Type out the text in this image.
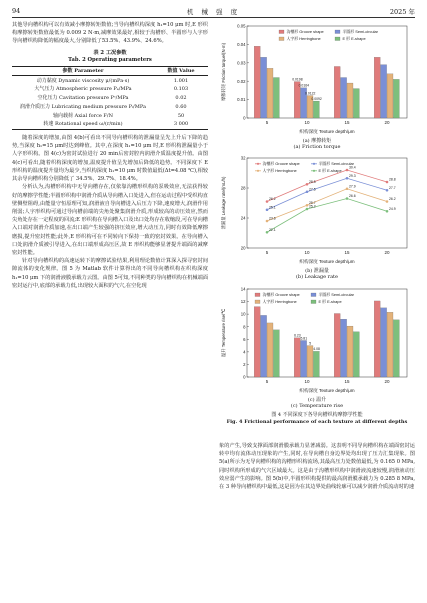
94	机 械 强 度	2025 年

其他导向槽织构可以有效减小摩擦转矩数值;当导向槽织构深度 h₁=10 μm 时,E 形织构摩擦转矩数值最低为 0.009 2 N·m,减摩效果最好,相较于沟槽形、半圆形与人字形导向槽织构降低的幅度最大,分别降低了53.5%、43.9%、24.6%。

表 2 工况参数
Tab. 2 Operating parameters
参数 Parameter	数值 Value
动力黏度 Dynamic viscosity μ/(mPa·s)	1.001
大气压力 Atmospheric pressure Pₐ/MPa	0.103
空化压力 Cavitation pressure Pᶜ/MPa	0.02
润滑介质压力 Lubricating medium pressure Pᵢ/MPa	0.60
轴向载荷 Axial force F/N	50
转速 Rotational speed ω/(r/min)	3 000

随着深度的增加,由图 4(b)可看出不同导向槽织构的泄漏量呈先上升后下降的趋势,当深度 h₁=15 μm时达到峰值。其中,在深度 h₁=10 μm 时,E 形织构泄漏量小于人字形织构。图 4(c)为密封试验进行 20 min后密封腔内润滑介质温度提升值。由图 4(c)可看出,随着织构深度的增加,温度提升值呈先增加后降低的趋势。不同深度下 E 形织构的温度提升量均为最少,当织构深度 h₁=10 μm 时数值最低(Δt=4.08 ℃),相较其余导向槽织构分别降低了 34.5%、29.7%、18.4%。

分析认为,沟槽形织构中无导向槽存在,仅依靠沟槽形织构的泵吸效应,无法获得较好的摩擦学性能;半圆形织构中润滑介质从导向槽入口处进入,但在运动过程中受织构直壁侧壁阻碍,由能量守恒原理可知,润滑液自导向槽进入后压力下降,速度增大,润滑作用削弱;人字形织构可通过导向槽前端的尖角处聚集润滑介质,形成较高的动压效应,然而尖角处存在一定程度的回流;E 形织构在导向槽入口及出口处均存在收缩段,可在导向槽入口端对润滑介质加速,在出口端产生较强的挤压效应,增大动压力,同时有效降低摩擦磨损,提升密封性能;此外,E 形织构可在不同转向下保持一致的密封效果。在导向槽入口处润滑介质被引导进入,在出口端形成高压区,故 E 形织构能够显著提升端面的减摩密封性能。

针对导向槽织构的高速运转下的摩擦试验结果,利用理论数值计算深入探寻密封间隙流体的变化规律。图 5 为 Matlab 软件计算得出的不同导向槽织构在织构深度 h₁=10 μm 下的润滑液膜承载力云图。由图 5可知,不同种类的导向槽织构在机械端面密封运行中,底部的承载力低,出现较大面积的气穴,在空化现

0
0.01
0.02
0.03
0.04
0.05
5	10	15	20
织构深度 Texture depth/μm
摩擦转矩 Friction torque/(N·m)	0.0198
0.0164
0.0122
0.0092
沟槽形 Groove shape	半圆形 Semi-circular
人字形 Herringbone	E 形 E-shape
(a) 摩擦转矩
(a) Friction torque
20
24
28
32
5	10	15	20
织构深度 Texture depth/μm
泄漏量 Leakage rate/(mL/h)	26.2
28.5
30.4
28.8
25.1
27.5
29.3
27.7
23.6
25.7
27.9
26.2
22.1
25.2
26.6
24.9
沟槽形 Groove shape	半圆形 Semi-circular
人字形 Herringbone	E 形 E-shape
(b) 泄漏量
(b) Leakage rate
0
2
4
6
8
10
12
14
5	10	15	20
织构深度 Texture depth/μm
温升 Temperature rise/℃	6.23
5.81
5
4.08
沟槽形 Groove shape	半圆形 Semi-circular
人字形 Herringbone	E 形 E-shape
(c) 温升
(c) Temperature rise
图 4 不同深度下各导向槽织构摩擦学性能
Fig. 4 Frictional performance of each texture at different depths

象的产生,导致支撑面部润滑膜承载力显著减弱。这表明不同导向槽织构在端面密封运转中均有流体动压现象的产生,同时,在导向槽自身边界处均出现了压力汇集现象。图 5(a)所示为无导向槽织构的沟槽形织构流场,其最高压力处数值最低,为 0.165 0 MPa,同时织构所形成的气穴区域最大。这是由于沟槽形织构中润滑液流速较慢,润滑液动压效应弱产生的影响。图 5(b)中,半圆形织构提供的最高润滑膜承载力为 0.285 8 MPa,在 3 种导向槽织构中最低,这是因为在其边界处曲线轮廓可以减少润滑介质流动时的速
